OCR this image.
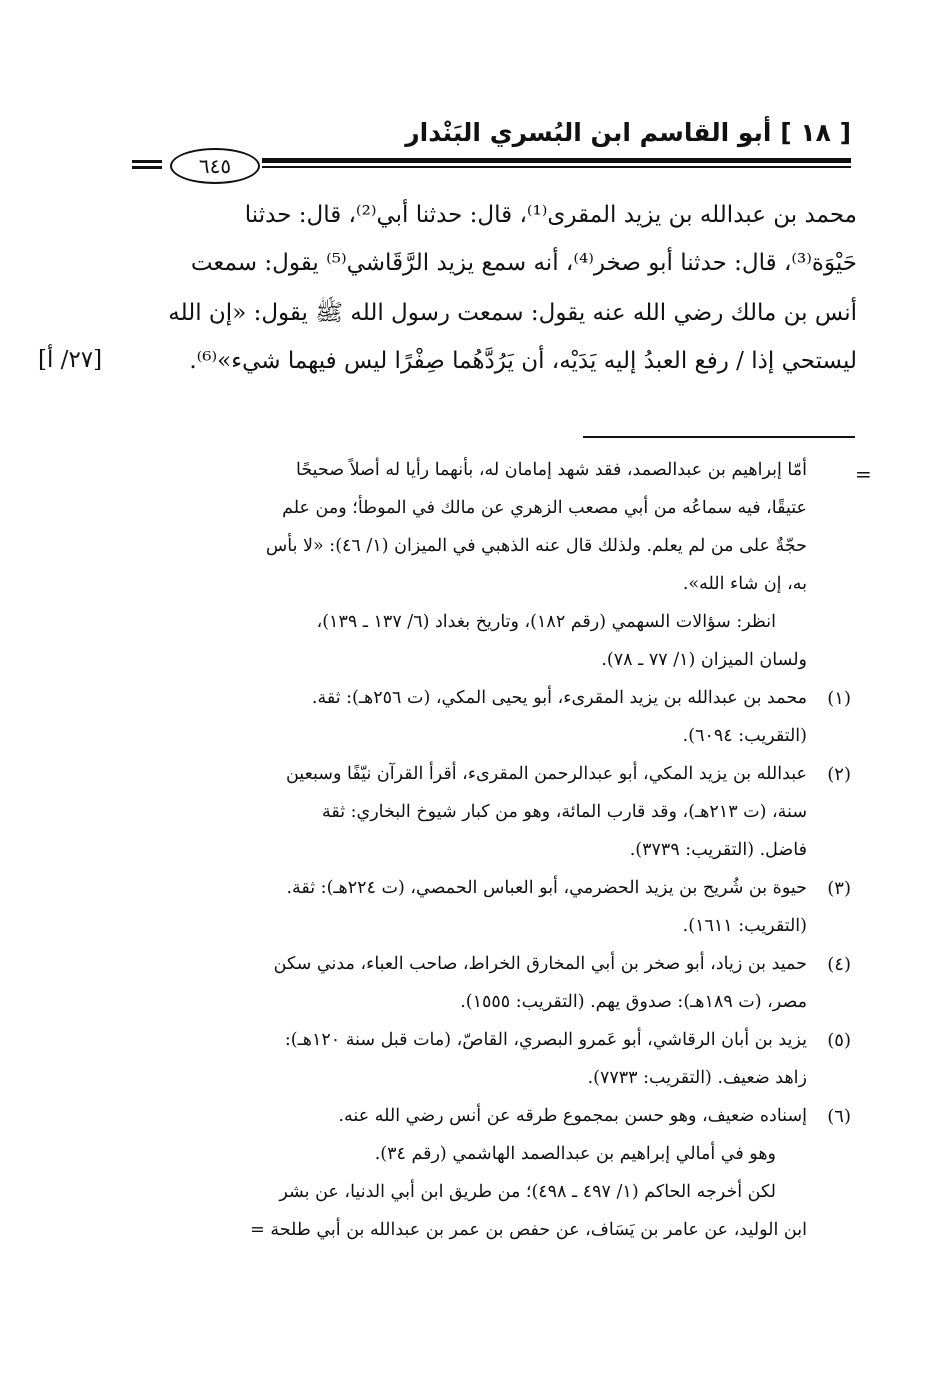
[ ١٨ ] أبو القاسم ابن البُسري البَنْدار
٦٤٥
محمد بن عبدالله بن يزيد المقرى⁽¹⁾، قال: حدثنا أبي⁽²⁾، قال: حدثنا
حَيْوَة⁽³⁾، قال: حدثنا أبو صخر⁽⁴⁾، أنه سمع يزيد الرَّقَاشي⁽⁵⁾ يقول: سمعت
أنس بن مالك رضي الله عنه يقول: سمعت رسول الله ﷺ يقول: «إن الله
ليستحي إذا / رفع العبدُ إليه يَدَيْه، أن يَرُدَّهُما صِفْرًا ليس فيهما شيء»⁽⁶⁾.
[٢٧/ أ]
=
أمّا إبراهيم بن عبدالصمد، فقد شهد إمامان له، بأنهما رأيا له أصلاً صحيحًا
عتيقًا، فيه سماعُه من أبي مصعب الزهري عن مالك في الموطأ؛ ومن علم
حجّةٌ على من لم يعلم. ولذلك قال عنه الذهبي في الميزان (١/ ٤٦): «لا بأس
به، إن شاء الله».
انظر: سؤالات السهمي (رقم ١٨٢)، وتاريخ بغداد (٦/ ١٣٧ ـ ١٣٩)،
ولسان الميزان (١/ ٧٧ ـ ٧٨).
(١)
محمد بن عبدالله بن يزيد المقرىء، أبو يحيى المكي، (ت ٢٥٦هـ): ثقة.
(التقريب: ٦٠٩٤).
(٢)
عبدالله بن يزيد المكي، أبو عبدالرحمن المقرىء، أقرأ القرآن نيّفًا وسبعين
سنة، (ت ٢١٣هـ)، وقد قارب المائة، وهو من كبار شيوخ البخاري: ثقة
فاضل. (التقريب: ٣٧٣٩).
(٣)
حيوة بن شُريح بن يزيد الحضرمي، أبو العباس الحمصي، (ت ٢٢٤هـ): ثقة.
(التقريب: ١٦١١).
(٤)
حميد بن زياد، أبو صخر بن أبي المخارق الخراط، صاحب العباء، مدني سكن
مصر، (ت ١٨٩هـ): صدوق يهم. (التقريب: ١٥٥٥).
(٥)
يزيد بن أبان الرقاشي، أبو عَمرو البصري، القاصّ، (مات قبل سنة ١٢٠هـ):
زاهد ضعيف. (التقريب: ٧٧٣٣).
(٦)
إسناده ضعيف، وهو حسن بمجموع طرقه عن أنس رضي الله عنه.
وهو في أمالي إبراهيم بن عبدالصمد الهاشمي (رقم ٣٤).
لكن أخرجه الحاكم (١/ ٤٩٧ ـ ٤٩٨)؛ من طريق ابن أبي الدنيا، عن بشر
ابن الوليد، عن عامر بن يَسَاف، عن حفص بن عمر بن عبدالله بن أبي طلحة =
